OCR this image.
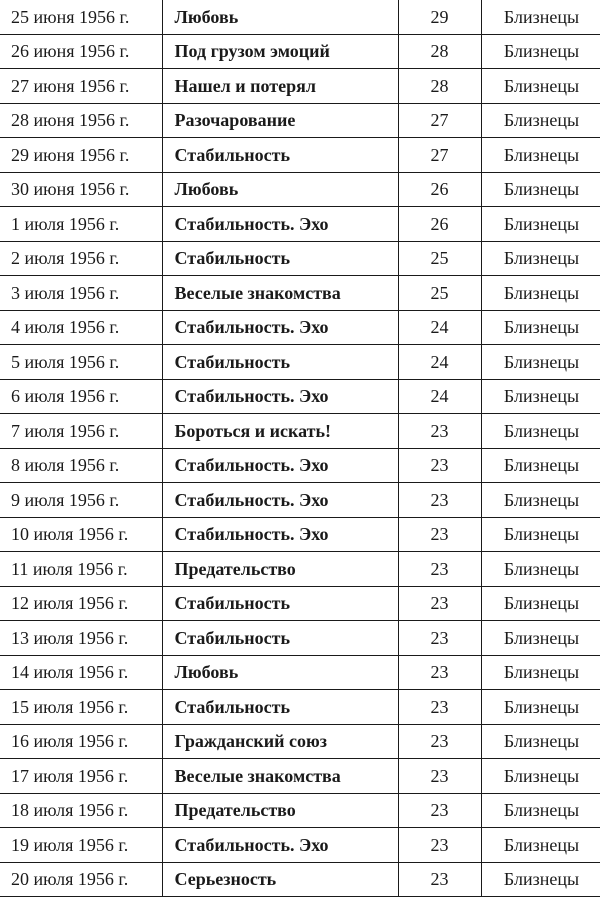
25 июня 1956 г.	Любовь	29	Близнецы
26 июня 1956 г.	Под грузом эмоций	28	Близнецы
27 июня 1956 г.	Нашел и потерял	28	Близнецы
28 июня 1956 г.	Разочарование	27	Близнецы
29 июня 1956 г.	Стабильность	27	Близнецы
30 июня 1956 г.	Любовь	26	Близнецы
1 июля 1956 г.	Стабильность. Эхо	26	Близнецы
2 июля 1956 г.	Стабильность	25	Близнецы
3 июля 1956 г.	Веселые знакомства	25	Близнецы
4 июля 1956 г.	Стабильность. Эхо	24	Близнецы
5 июля 1956 г.	Стабильность	24	Близнецы
6 июля 1956 г.	Стабильность. Эхо	24	Близнецы
7 июля 1956 г.	Бороться и искать!	23	Близнецы
8 июля 1956 г.	Стабильность. Эхо	23	Близнецы
9 июля 1956 г.	Стабильность. Эхо	23	Близнецы
10 июля 1956 г.	Стабильность. Эхо	23	Близнецы
11 июля 1956 г.	Предательство	23	Близнецы
12 июля 1956 г.	Стабильность	23	Близнецы
13 июля 1956 г.	Стабильность	23	Близнецы
14 июля 1956 г.	Любовь	23	Близнецы
15 июля 1956 г.	Стабильность	23	Близнецы
16 июля 1956 г.	Гражданский союз	23	Близнецы
17 июля 1956 г.	Веселые знакомства	23	Близнецы
18 июля 1956 г.	Предательство	23	Близнецы
19 июля 1956 г.	Стабильность. Эхо	23	Близнецы
20 июля 1956 г.	Серьезность	23	Близнецы
